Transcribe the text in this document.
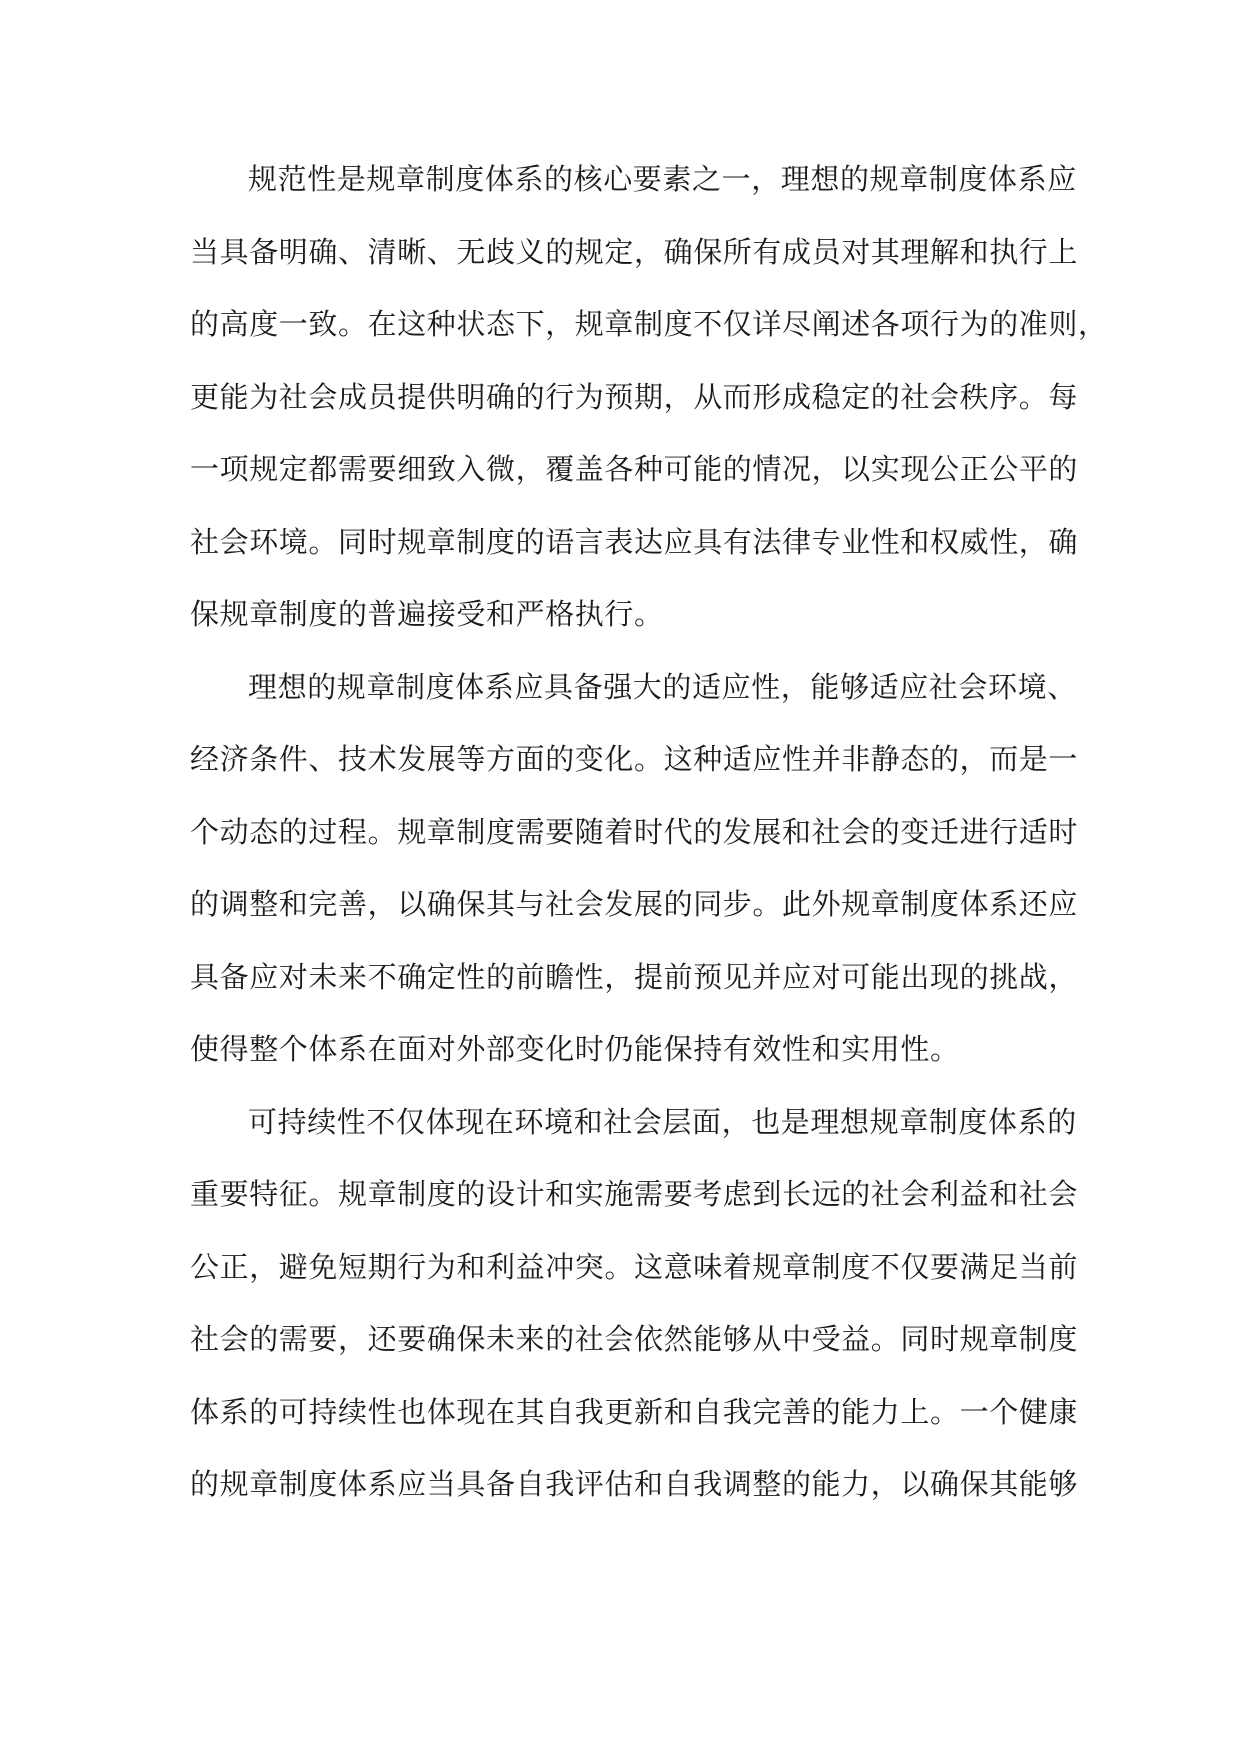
规范性是规章制度体系的核心要素之一，理想的规章制度体系应
当具备明确、清晰、无歧义的规定，确保所有成员对其理解和执行上
的高度一致。在这种状态下，规章制度不仅详尽阐述各项行为的准则，
更能为社会成员提供明确的行为预期，从而形成稳定的社会秩序。每
一项规定都需要细致入微，覆盖各种可能的情况，以实现公正公平的
社会环境。同时规章制度的语言表达应具有法律专业性和权威性，确
保规章制度的普遍接受和严格执行。
理想的规章制度体系应具备强大的适应性，能够适应社会环境、
经济条件、技术发展等方面的变化。这种适应性并非静态的，而是一
个动态的过程。规章制度需要随着时代的发展和社会的变迁进行适时
的调整和完善，以确保其与社会发展的同步。此外规章制度体系还应
具备应对未来不确定性的前瞻性，提前预见并应对可能出现的挑战，
使得整个体系在面对外部变化时仍能保持有效性和实用性。
可持续性不仅体现在环境和社会层面，也是理想规章制度体系的
重要特征。规章制度的设计和实施需要考虑到长远的社会利益和社会
公正，避免短期行为和利益冲突。这意味着规章制度不仅要满足当前
社会的需要，还要确保未来的社会依然能够从中受益。同时规章制度
体系的可持续性也体现在其自我更新和自我完善的能力上。一个健康
的规章制度体系应当具备自我评估和自我调整的能力，以确保其能够
